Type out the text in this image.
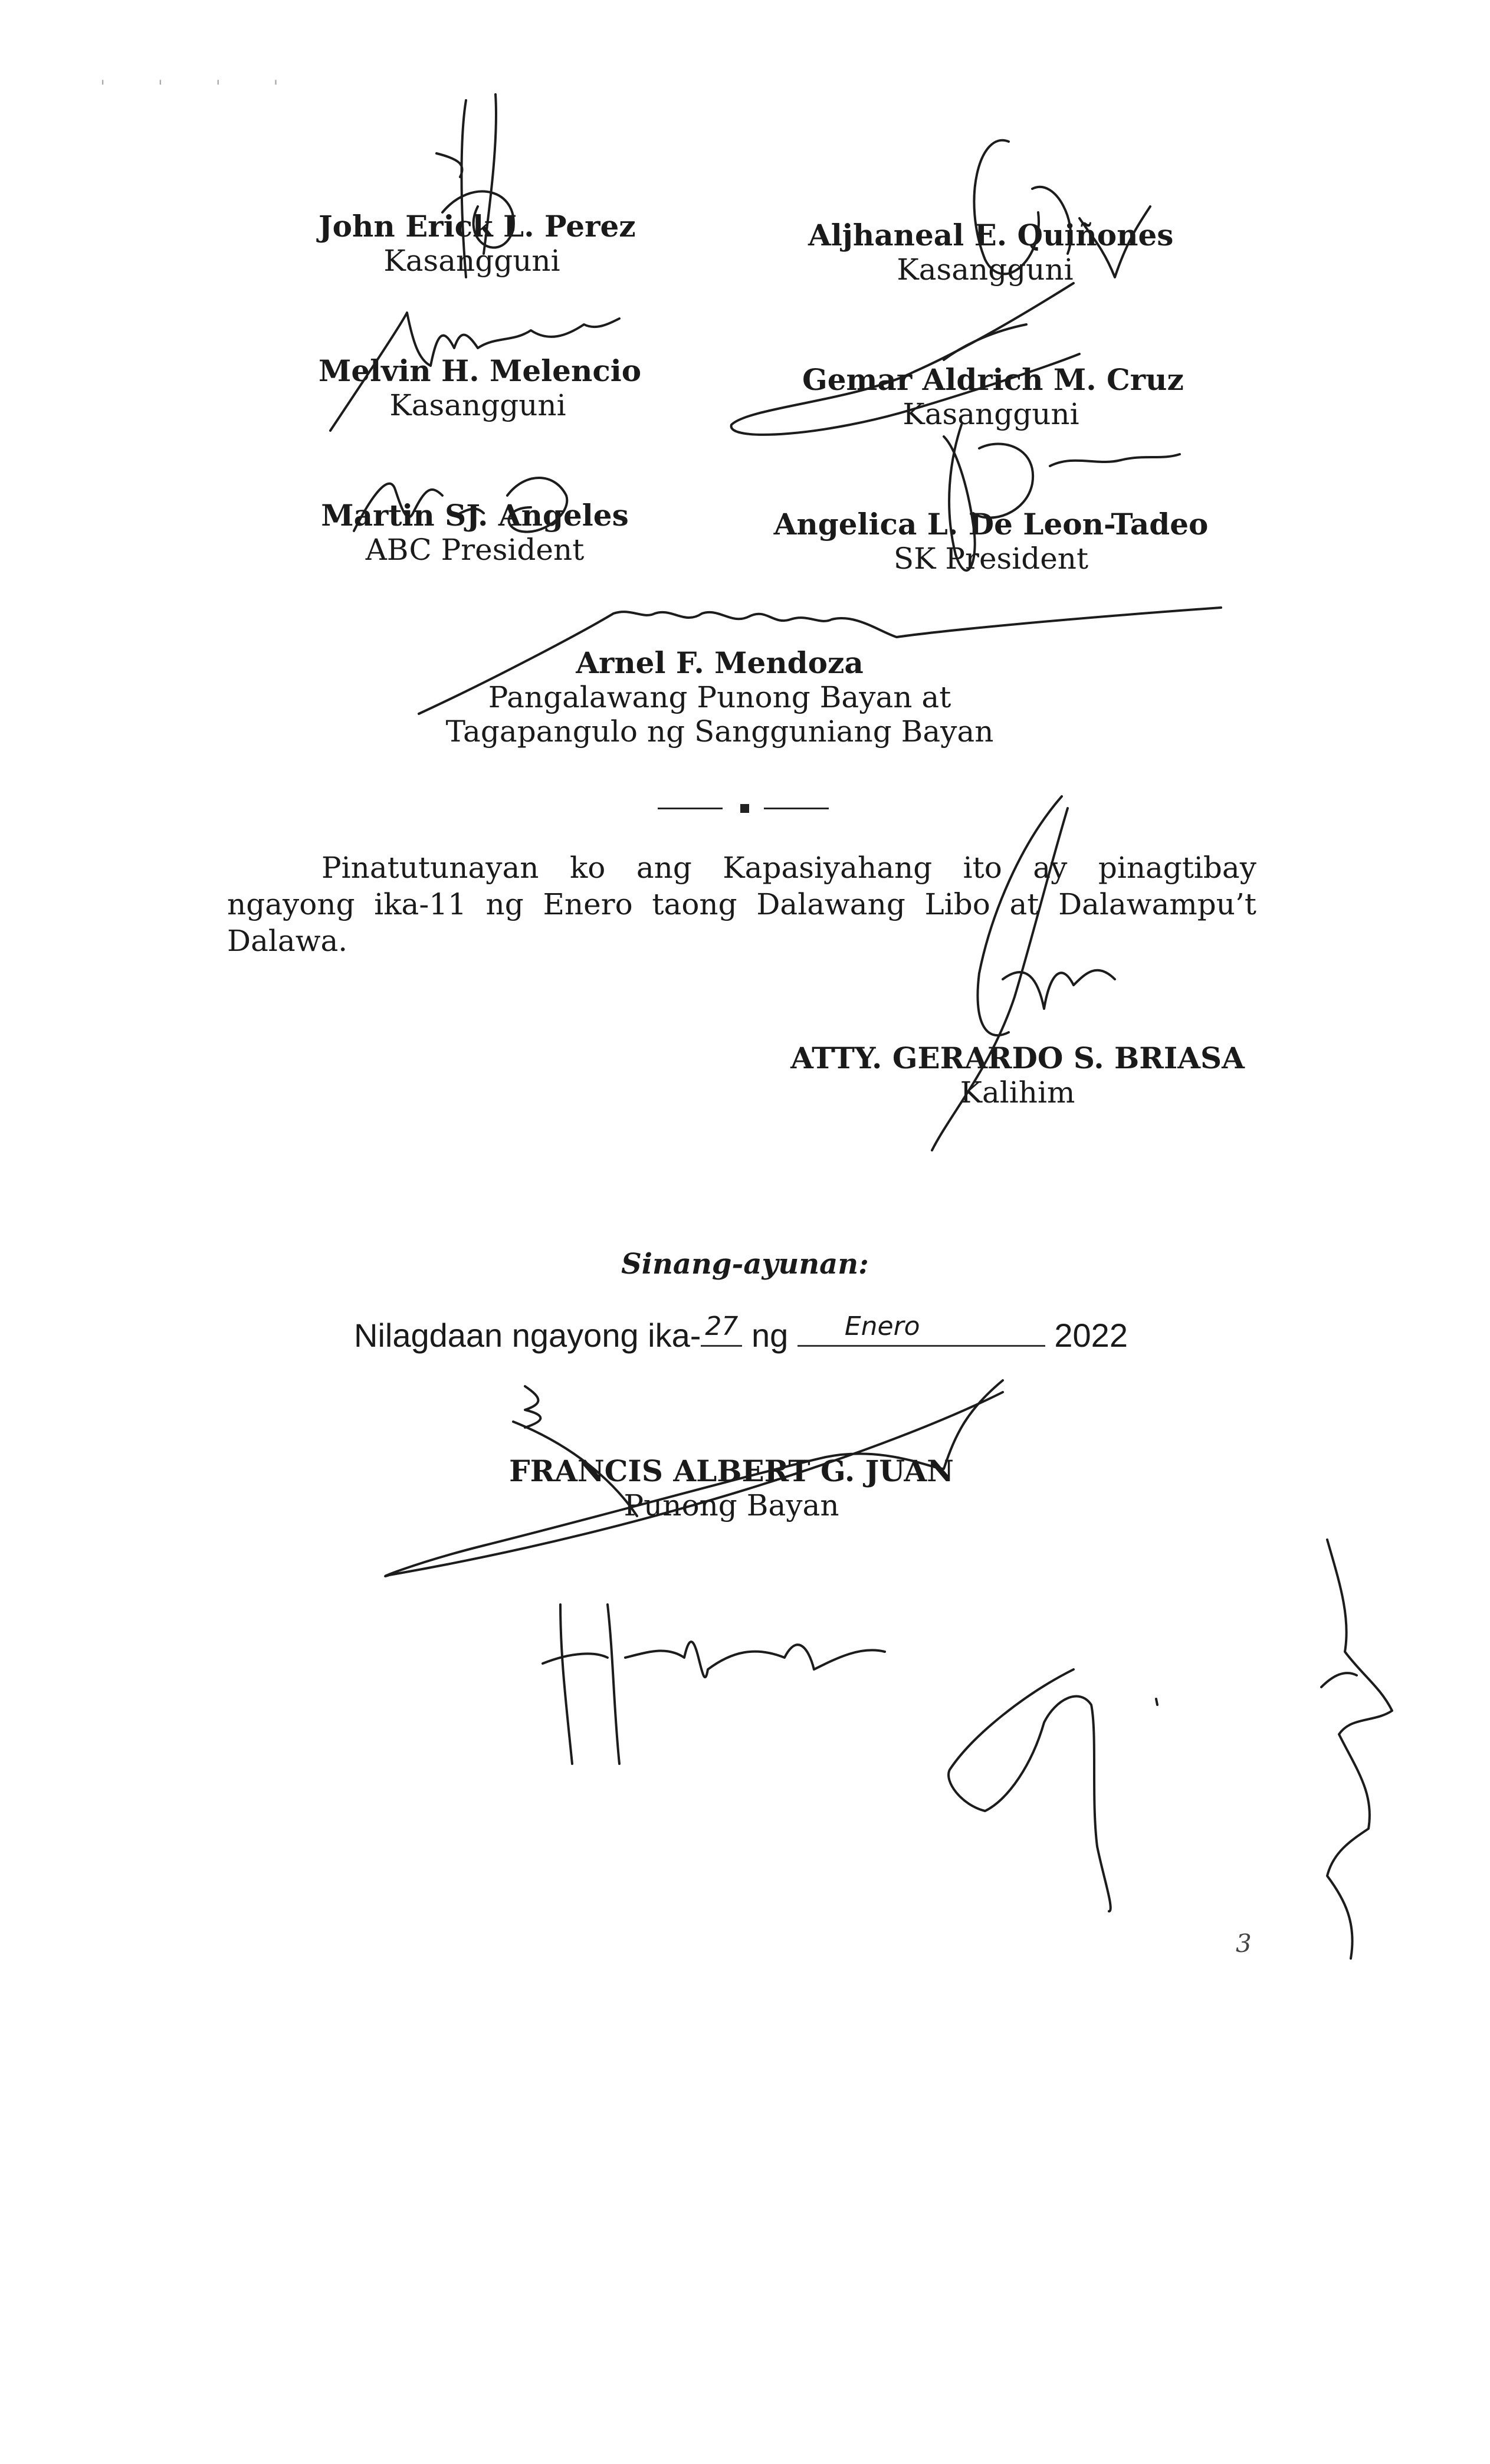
' ' ' '
John Erick L. Perez
Kasangguni
Aljhaneal E. Quiñones
Kasangguni
Melvin H. Melencio
Kasangguni
Gemar Aldrich M. Cruz
Kasangguni
Martin SJ. Angeles
ABC President
Angelica L. De Leon-Tadeo
SK President
Arnel F. Mendoza
Pangalawang Punong Bayan at
Tagapangulo ng Sangguniang Bayan
Pinatutunayan ko ang Kapasiyahang ito ay pinagtibay ngayong ika-11 ng Enero taong Dalawang Libo at Dalawampu’t Dalawa.
ATTY. GERARDO S. BRIASA
Kalihim
Sinang-ayunan:
Nilagdaan ngayong ika- 27 ng Enero	2022
FRANCIS ALBERT G. JUAN
Punong Bayan
3
